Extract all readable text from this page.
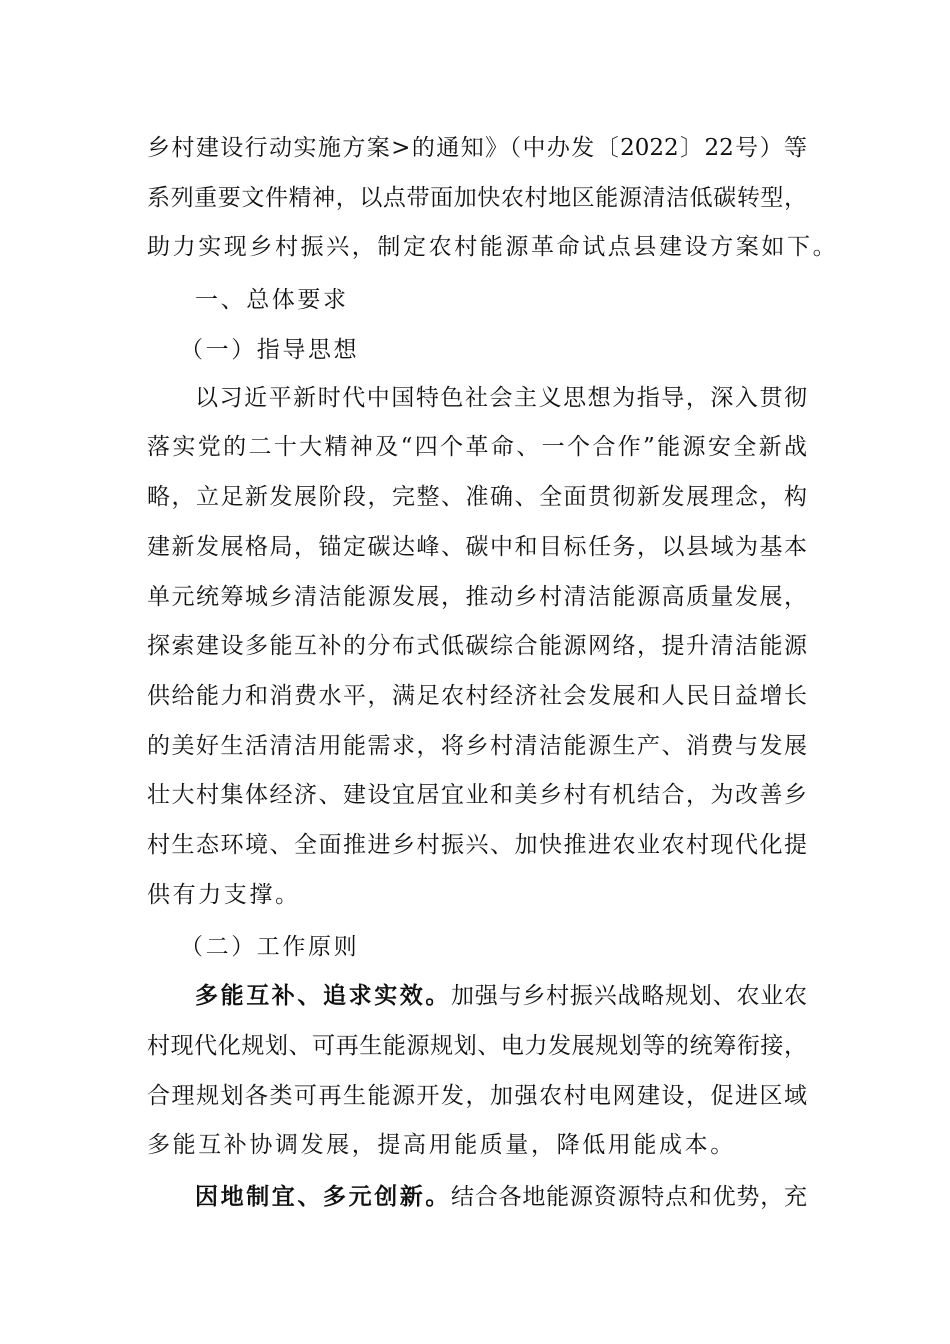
乡村建设行动实施方案>的通知》（中办发〔2022〕22号）等
系列重要文件精神，以点带面加快农村地区能源清洁低碳转型，
助力实现乡村振兴，制定农村能源革命试点县建设方案如下。
一、总体要求
（一）指导思想
以习近平新时代中国特色社会主义思想为指导，深入贯彻
落实党的二十大精神及“四个革命、一个合作”能源安全新战
略，立足新发展阶段，完整、准确、全面贯彻新发展理念，构
建新发展格局，锚定碳达峰、碳中和目标任务，以县域为基本
单元统筹城乡清洁能源发展，推动乡村清洁能源高质量发展，
探索建设多能互补的分布式低碳综合能源网络，提升清洁能源
供给能力和消费水平，满足农村经济社会发展和人民日益增长
的美好生活清洁用能需求，将乡村清洁能源生产、消费与发展
壮大村集体经济、建设宜居宜业和美乡村有机结合，为改善乡
村生态环境、全面推进乡村振兴、加快推进农业农村现代化提
供有力支撑。
（二）工作原则
多能互补、追求实效。 加强与乡村振兴战略规划、农业农
村现代化规划、可再生能源规划、电力发展规划等的统筹衔接，
合理规划各类可再生能源开发，加强农村电网建设，促进区域
多能互补协调发展，提高用能质量，降低用能成本。
因地制宜、多元创新。 结合各地能源资源特点和优势，充
